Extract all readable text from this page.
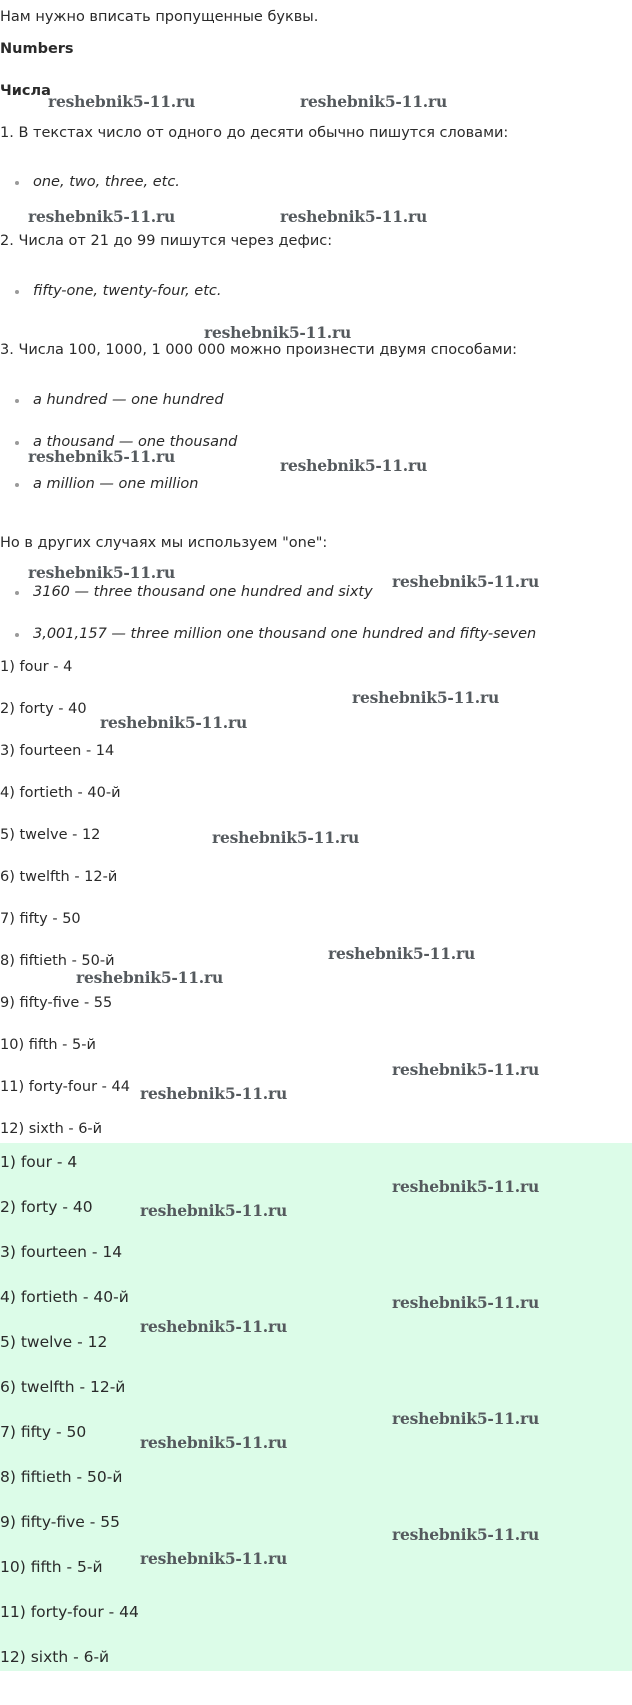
Нам нужно вписать пропущенные буквы.
Numbers
Числа
1. В текстах число от одного до десяти обычно пишутся словами:
one, two, three, etc.
2. Числа от 21 до 99 пишутся через дефис:
fifty-one, twenty-four, etc.
3. Числа 100, 1000, 1 000 000 можно произнести двумя способами:
a hundred — one hundred
a thousand — one thousand
a million — one million
Но в других случаях мы используем "one":
3160 — three thousand one hundred and sixty
3,001,157 — three million one thousand one hundred and fifty-seven
1) four - 4
2) forty - 40
3) fourteen - 14
4) fortieth - 40-й
5) twelve - 12
6) twelfth - 12-й
7) fifty - 50
8) fiftieth - 50-й
9) fifty-five - 55
10) fifth - 5-й
11) forty-four - 44
12) sixth - 6-й
1) four - 4
2) forty - 40
3) fourteen - 14
4) fortieth - 40-й
5) twelve - 12
6) twelfth - 12-й
7) fifty - 50
8) fiftieth - 50-й
9) fifty-five - 55
10) fifth - 5-й
11) forty-four - 44
12) sixth - 6-й
reshebnik5-11.ru	reshebnik5-11.ru
reshebnik5-11.ru	reshebnik5-11.ru
reshebnik5-11.ru
reshebnik5-11.ru	reshebnik5-11.ru
reshebnik5-11.ru	reshebnik5-11.ru
reshebnik5-11.ru
reshebnik5-11.ru
reshebnik5-11.ru
reshebnik5-11.ru
reshebnik5-11.ru
reshebnik5-11.ru
reshebnik5-11.ru
reshebnik5-11.ru
reshebnik5-11.ru
reshebnik5-11.ru
reshebnik5-11.ru
reshebnik5-11.ru
reshebnik5-11.ru
reshebnik5-11.ru
reshebnik5-11.ru
